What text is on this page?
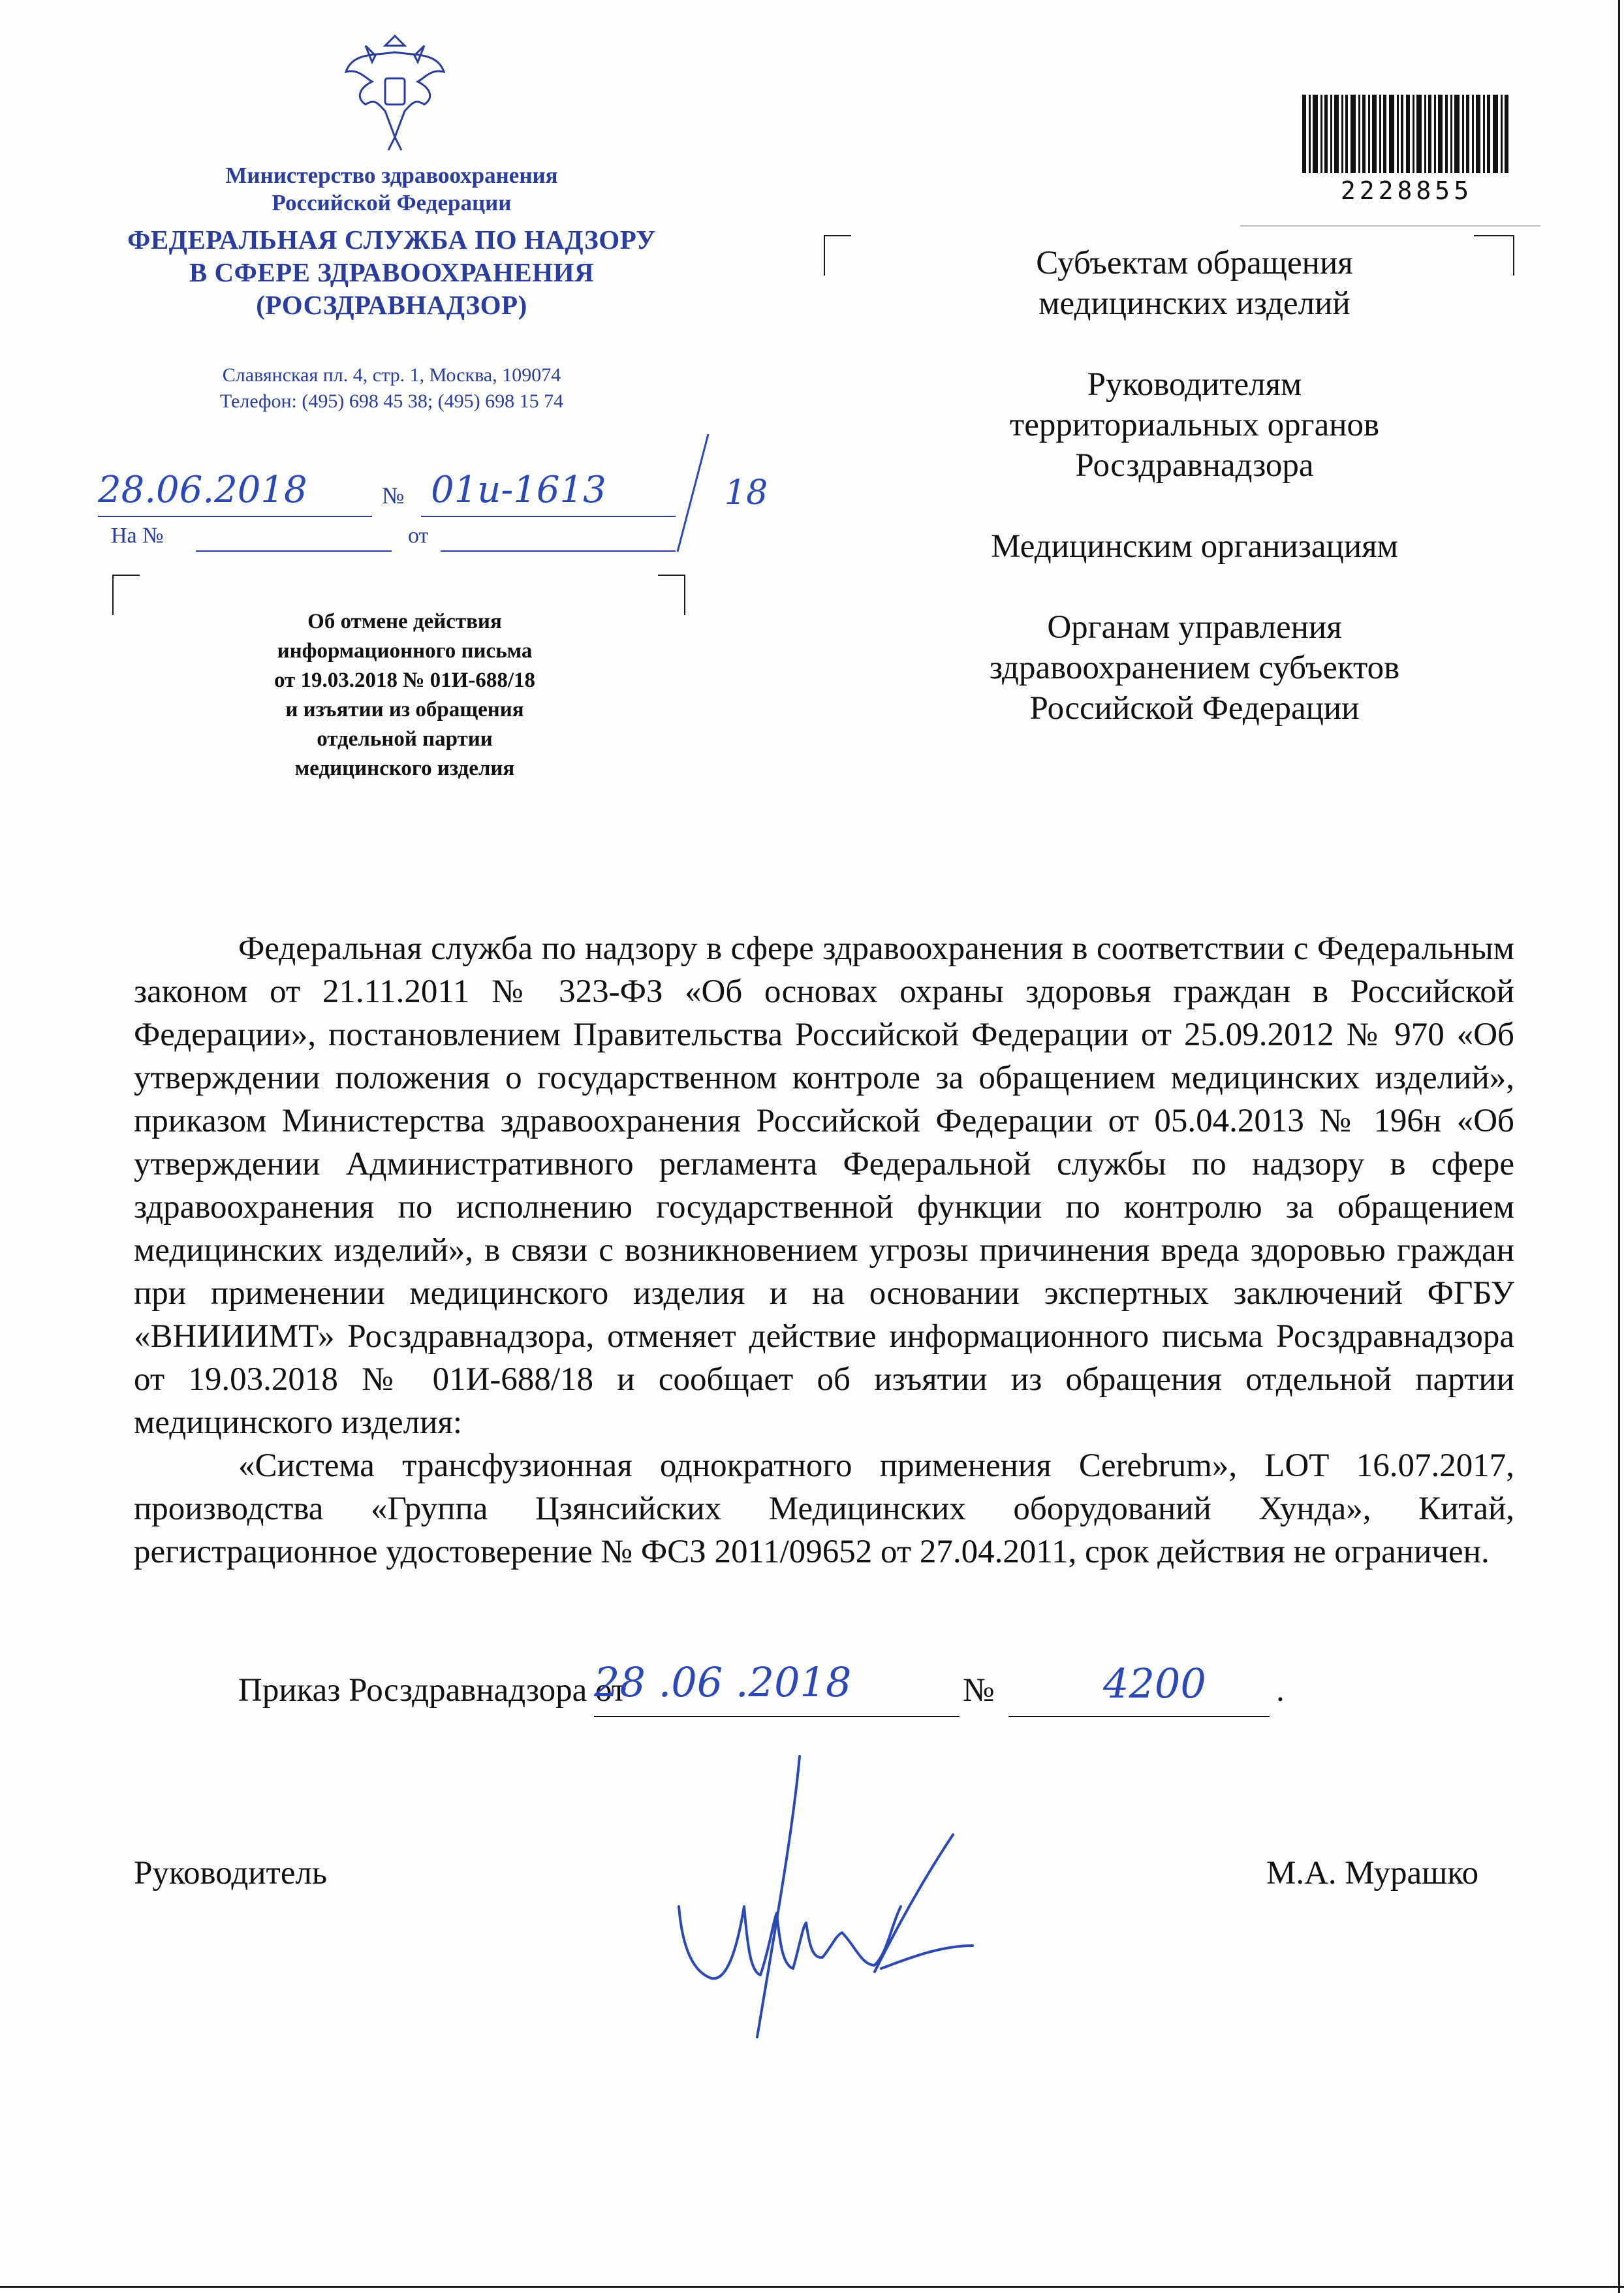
Министерство здравоохранения
Российской Федерации
ФЕДЕРАЛЬНАЯ СЛУЖБА ПО НАДЗОРУ
В СФЕРЕ ЗДРАВООХРАНЕНИЯ
(РОСЗДРАВНАДЗОР)
Славянская пл. 4, стр. 1, Москва, 109074
Телефон: (495) 698 45 38; (495) 698 15 74
28.06.2018	№ 01и-1613	18
На №	от
Об отмене действия
информационного письма
от 19.03.2018 № 01И-688/18
и изъятии из обращения
отдельной партии
медицинского изделия
2228855
Субъектам обращения
медицинских изделий
Руководителям
территориальных органов
Росздравнадзора
Медицинским организациям
Органам управления
здравоохранением субъектов
Российской Федерации

Федеральная служба по надзору в сфере здравоохранения в соответствии с Федеральным законом от 21.11.2011 № 323-ФЗ «Об основах охраны здоровья граждан в Российской Федерации», постановлением Правительства Российской Федерации от 25.09.2012 № 970 «Об утверждении положения о государственном контроле за обращением медицинских изделий», приказом Министерства здравоохранения Российской Федерации от 05.04.2013 № 196н «Об утверждении Административного регламента Федеральной службы по надзору в сфере здравоохранения по исполнению государственной функции по контролю за обращением медицинских изделий», в связи с возникновением угрозы причинения вреда здоровью граждан при применении медицинского изделия и на основании экспертных заключений ФГБУ «ВНИИИМТ» Росздравнадзора, отменяет действие информационного письма Росздравнадзора от 19.03.2018 № 01И-688/18 и сообщает об изъятии из обращения отдельной партии медицинского изделия:

«Система трансфузионная однократного применения Cerebrum», LOT 16.07.2017, производства «Группа Цзянсийских Медицинских оборудований Хунда», Китай, регистрационное удостоверение № ФСЗ 2011/09652 от 27.04.2011, срок действия не ограничен.

Приказ Росздравнадзора от
28 .06 .2018	№	4200 .
Руководитель	М.А. Мурашко
